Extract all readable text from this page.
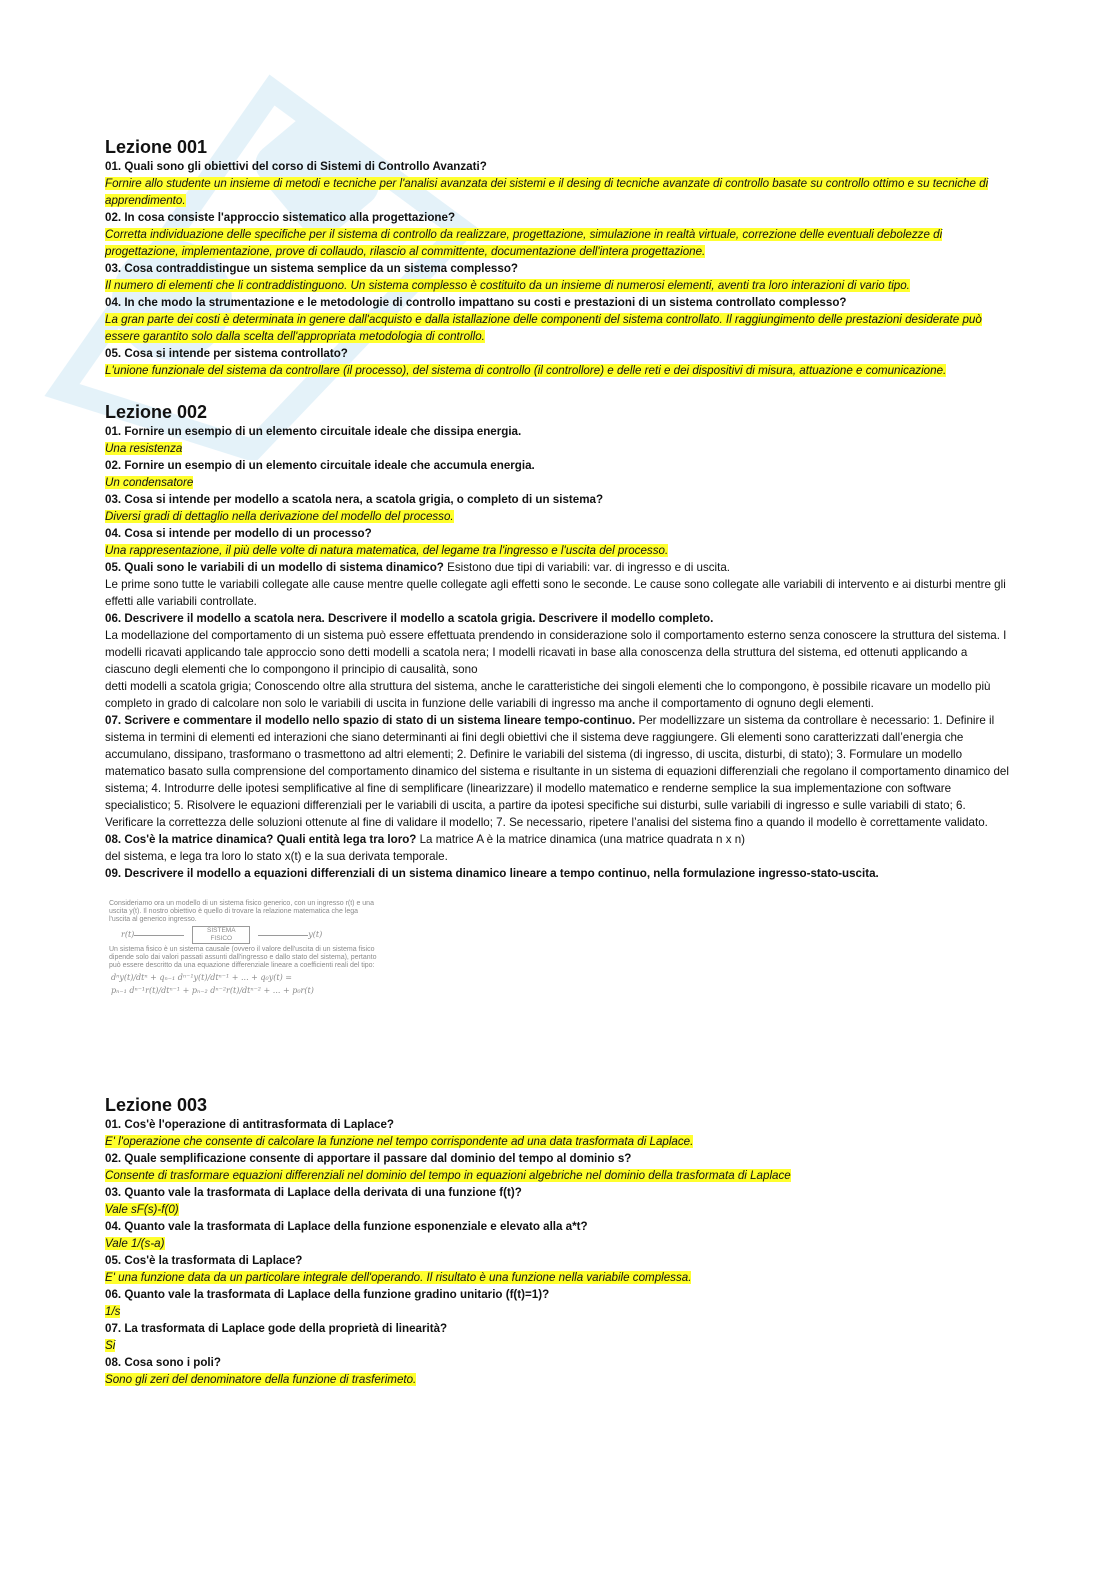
Lezione 001

01. Quali sono gli obiettivi del corso di Sistemi di Controllo Avanzati?

Fornire allo studente un insieme di metodi e tecniche per l'analisi avanzata dei sistemi e il desing di tecniche avanzate di controllo basate su controllo ottimo e su tecniche di apprendimento.

02. In cosa consiste l'approccio sistematico alla progettazione?

Corretta individuazione delle specifiche per il sistema di controllo da realizzare, progettazione, simulazione in realtà virtuale, correzione delle eventuali debolezze di progettazione, implementazione, prove di collaudo, rilascio al committente, documentazione dell'intera progettazione.

03. Cosa contraddistingue un sistema semplice da un sistema complesso?

Il numero di elementi che li contraddistinguono. Un sistema complesso è costituito da un insieme di numerosi elementi, aventi tra loro interazioni di vario tipo.

04. In che modo la strumentazione e le metodologie di controllo impattano su costi e prestazioni di un sistema controllato complesso?

La gran parte dei costi è determinata in genere dall'acquisto e dalla istallazione delle componenti del sistema controllato. Il raggiungimento delle prestazioni desiderate può essere garantito solo dalla scelta dell'appropriata metodologia di controllo.

05. Cosa si intende per sistema controllato?

L'unione funzionale del sistema da controllare (il processo), del sistema di controllo (il controllore) e delle reti e dei dispositivi di misura, attuazione e comunicazione.

Lezione 002

01. Fornire un esempio di un elemento circuitale ideale che dissipa energia.

Una resistenza

02. Fornire un esempio di un elemento circuitale ideale che accumula energia.

Un condensatore

03. Cosa si intende per modello a scatola nera, a scatola grigia, o completo di un sistema?

Diversi gradi di dettaglio nella derivazione del modello del processo.

04. Cosa si intende per modello di un processo?

Una rappresentazione, il più delle volte di natura matematica, del legame tra l'ingresso e l'uscita del processo.

05. Quali sono le variabili di un modello di sistema dinamico? Esistono due tipi di variabili: var. di ingresso e di uscita.

Le prime sono tutte le variabili collegate alle cause mentre quelle collegate agli effetti sono le seconde. Le cause sono collegate alle variabili di intervento e ai disturbi mentre gli effetti alle variabili controllate.

06. Descrivere il modello a scatola nera. Descrivere il modello a scatola grigia. Descrivere il modello completo.

La modellazione del comportamento di un sistema può essere effettuata prendendo in considerazione solo il comportamento esterno senza conoscere la struttura del sistema. I modelli ricavati applicando tale approccio sono detti modelli a scatola nera; I modelli ricavati in base alla conoscenza della struttura del sistema, ed ottenuti applicando a ciascuno degli elementi che lo compongono il principio di causalità, sono

detti modelli a scatola grigia; Conoscendo oltre alla struttura del sistema, anche le caratteristiche dei singoli elementi che lo compongono, è possibile ricavare un modello più completo in grado di calcolare non solo le variabili di uscita in funzione delle variabili di ingresso ma anche il comportamento di ognuno degli elementi.

07. Scrivere e commentare il modello nello spazio di stato di un sistema lineare tempo-continuo. Per modellizzare un sistema da controllare è necessario: 1. Definire il sistema in termini di elementi ed interazioni che siano determinanti ai fini degli obiettivi che il sistema deve raggiungere. Gli elementi sono caratterizzati dall’energia che accumulano, dissipano, trasformano o trasmettono ad altri elementi; 2. Definire le variabili del sistema (di ingresso, di uscita, disturbi, di stato); 3. Formulare un modello matematico basato sulla comprensione del comportamento dinamico del sistema e risultante in un sistema di equazioni differenziali che regolano il comportamento dinamico del sistema; 4. Introdurre delle ipotesi semplificative al fine di semplificare (linearizzare) il modello matematico e renderne semplice la sua implementazione con software specialistico; 5. Risolvere le equazioni differenziali per le variabili di uscita, a partire da ipotesi specifiche sui disturbi, sulle variabili di ingresso e sulle variabili di stato; 6. Verificare la correttezza delle soluzioni ottenute al fine di validare il modello; 7. Se necessario, ripetere l’analisi del sistema fino a quando il modello è correttamente validato.

08. Cos'è la matrice dinamica? Quali entità lega tra loro? La matrice A è la matrice dinamica (una matrice quadrata n x n)

del sistema, e lega tra loro lo stato x(t) e la sua derivata temporale.

09. Descrivere il modello a equazioni differenziali di un sistema dinamico lineare a tempo continuo, nella formulazione ingresso-stato-uscita.

Consideriamo ora un modello di un sistema fisico generico, con un ingresso r(t) e una uscita y(t). Il nostro obiettivo è quello di trovare la relazione matematica che lega l'uscita al generico ingresso.

r(t)	SISTEMA
FISICO	y(t)

Un sistema fisico è un sistema causale (ovvero il valore dell'uscita di un sistema fisico dipende solo dai valori passati assunti dall'ingresso e dallo stato del sistema), pertanto può essere descritto da una equazione differenziale lineare a coefficienti reali del tipo:

dⁿy(t)/dtⁿ + qₙ₋₁ dⁿ⁻¹y(t)/dtⁿ⁻¹ + ... + q₀y(t) =

pₙ₋₁ dⁿ⁻¹r(t)/dtⁿ⁻¹ + pₙ₋₂ dⁿ⁻²r(t)/dtⁿ⁻² + ... + p₀r(t)

Lezione 003

01. Cos'è l'operazione di antitrasformata di Laplace?

E' l'operazione che consente di calcolare la funzione nel tempo corrispondente ad una data trasformata di Laplace.

02. Quale semplificazione consente di apportare il passare dal dominio del tempo al dominio s?

Consente di trasformare equazioni differenziali nel dominio del tempo in equazioni algebriche nel dominio della trasformata di Laplace

03. Quanto vale la trasformata di Laplace della derivata di una funzione f(t)?

Vale sF(s)-f(0)

04. Quanto vale la trasformata di Laplace della funzione esponenziale e elevato alla a*t?

Vale 1/(s-a)

05. Cos'è la trasformata di Laplace?

E' una funzione data da un particolare integrale dell'operando. Il risultato è una funzione nella variabile complessa.

06. Quanto vale la trasformata di Laplace della funzione gradino unitario (f(t)=1)?

1/s

07. La trasformata di Laplace gode della proprietà di linearità?

Si

08. Cosa sono i poli?

Sono gli zeri del denominatore della funzione di trasferimeto.
